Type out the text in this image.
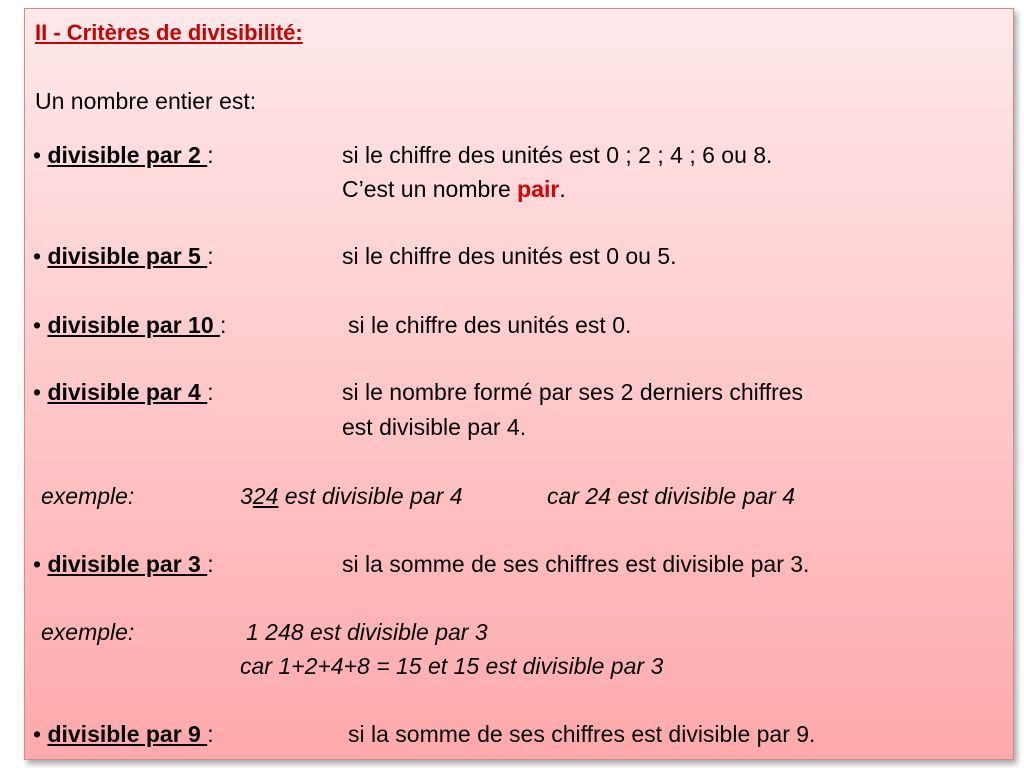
II - Critères de divisibilité:
Un nombre entier est:
• divisible par 2 :	si le chiffre des unités est 0 ; 2 ; 4 ; 6 ou 8.
C’est un nombre pair.
• divisible par 5 :	si le chiffre des unités est 0 ou 5.
• divisible par 10 :	si le chiffre des unités est 0.
• divisible par 4 :	si le nombre formé par ses 2 derniers chiffres
est divisible par 4.
exemple:	324 est divisible par 4	car 24 est divisible par 4
• divisible par 3 :	si la somme de ses chiffres est divisible par 3.
exemple:	1 248 est divisible par 3
car 1+2+4+8 = 15 et 15 est divisible par 3
• divisible par 9 :	si la somme de ses chiffres est divisible par 9.
